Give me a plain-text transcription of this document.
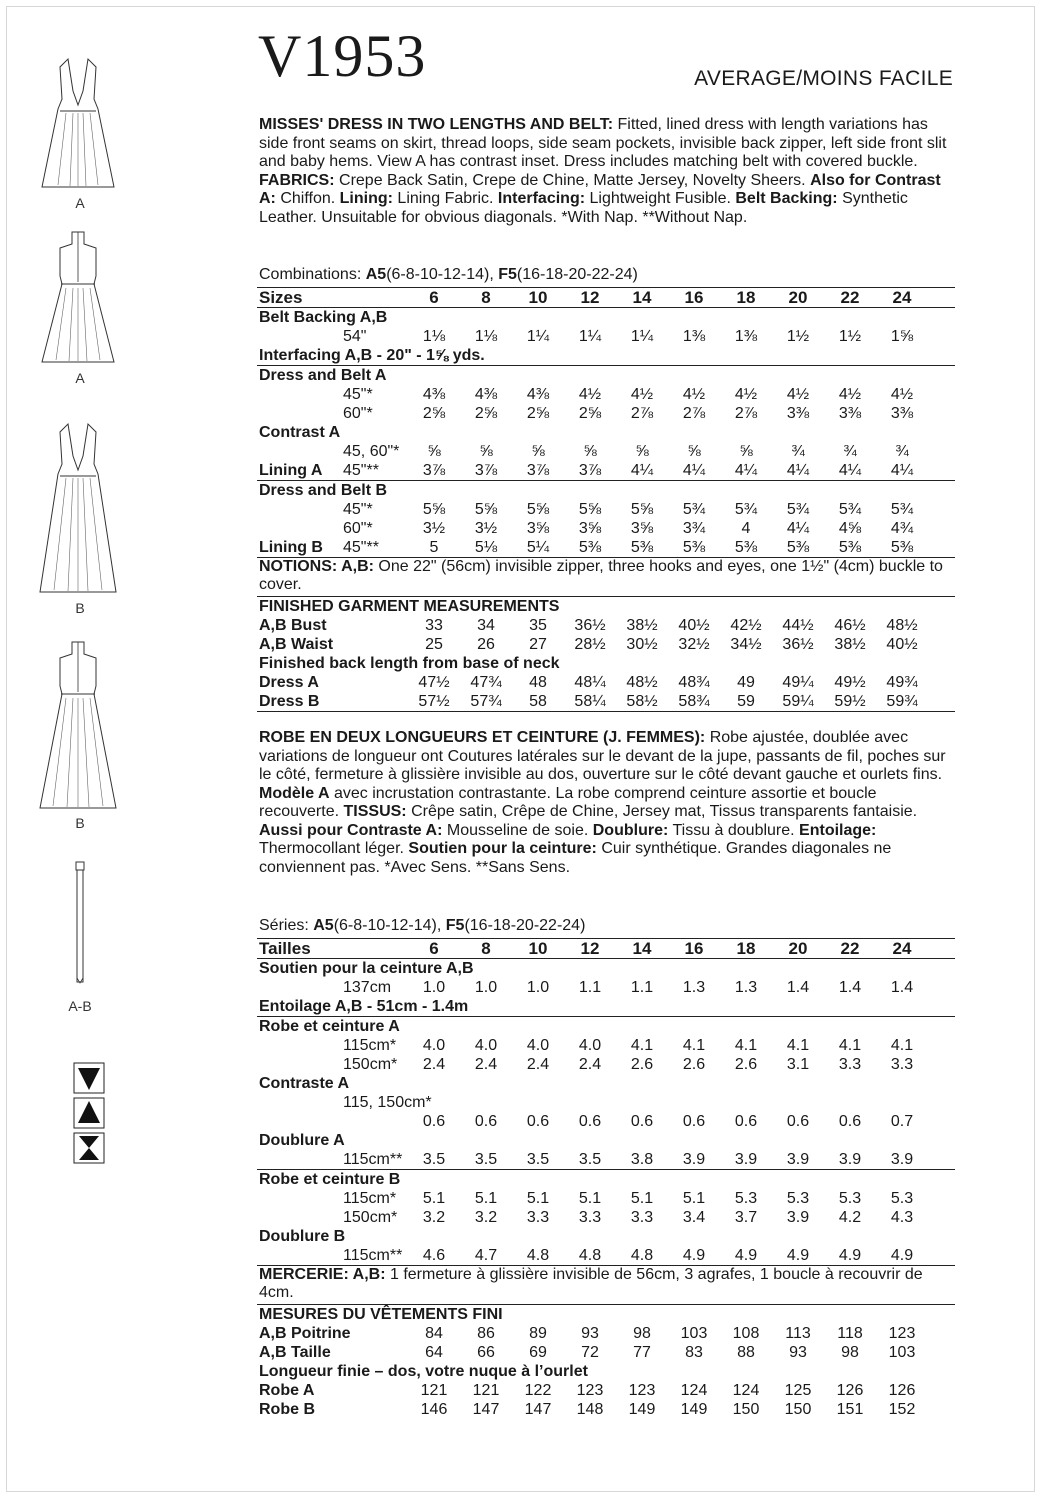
A
A
B
B
A-B
V1953	AVERAGE/MOINS FACILE
MISSES' DRESS IN TWO LENGTHS AND BELT: Fitted, lined dress with length variations has side front seams on skirt, thread loops, side seam pockets, invisible back zipper, left side front slit and baby hems. View A has contrast inset. Dress includes matching belt with covered buckle. FABRICS: Crepe Back Satin, Crepe de Chine, Matte Jersey, Novelty Sheers. Also for Contrast A: Chiffon. Lining: Lining Fabric. Interfacing: Lightweight Fusible. Belt Backing: Synthetic Leather. Unsuitable for obvious diagonals. *With Nap. **Without Nap.
Combinations: A5(6-8-10-12-14), F5(16-18-20-22-24)
Sizes	6	8	10	12	14	16	18	20	22	24
Belt Backing A,B
54"	1⅛	1⅛	1¼	1¼	1¼	1⅜	1⅜	1½	1½	1⅝
Interfacing A,B - 20" - 1⅝ yds.
Dress and Belt A
45"*	4⅜	4⅜	4⅜	4½	4½	4½	4½	4½	4½	4½
60"*	2⅝	2⅝	2⅝	2⅝	2⅞	2⅞	2⅞	3⅜	3⅜	3⅜
Contrast A
45, 60"*	⅝	⅝	⅝	⅝	⅝	⅝	⅝	¾	¾	¾
Lining A 45"**	3⅞	3⅞	3⅞	3⅞	4¼	4¼	4¼	4¼	4¼	4¼
Dress and Belt B
45"*	5⅝	5⅝	5⅝	5⅝	5⅝	5¾	5¾	5¾	5¾	5¾
60"*	3½	3½	3⅝	3⅝	3⅝	3¾	4	4¼	4⅝	4¾
Lining B 45"**	5	5⅛	5¼	5⅜	5⅜	5⅜	5⅜	5⅜	5⅜	5⅜
NOTIONS: A,B: One 22" (56cm) invisible zipper, three hooks and eyes, one 1½" (4cm) buckle to cover.
FINISHED GARMENT MEASUREMENTS
A,B Bust	33	34	35	36½	38½	40½	42½	44½	46½	48½
A,B Waist	25	26	27	28½	30½	32½	34½	36½	38½	40½
Finished back length from base of neck
Dress A	47½	47¾	48	48¼	48½	48¾	49	49¼	49½	49¾
Dress B	57½	57¾	58	58¼	58½	58¾	59	59¼	59½	59¾
ROBE EN DEUX LONGUEURS ET CEINTURE (J. FEMMES): Robe ajustée, doublée avec variations de longueur ont Coutures latérales sur le devant de la jupe, passants de fil, poches sur le côté, fermeture à glissière invisible au dos, ouverture sur le côté devant gauche et ourlets fins. Modèle A avec incrustation contrastante. La robe comprend ceinture assortie et boucle recouverte. TISSUS: Crêpe satin, Crêpe de Chine, Jersey mat, Tissus transparents fantaisie. Aussi pour Contraste A: Mousseline de soie. Doublure: Tissu à doublure. Entoilage: Thermocollant léger. Soutien pour la ceinture: Cuir synthétique. Grandes diagonales ne conviennent pas. *Avec Sens. **Sans Sens.
Séries: A5(6-8-10-12-14), F5(16-18-20-22-24)
Tailles	6	8	10	12	14	16	18	20	22	24
Soutien pour la ceinture A,B
137cm	1.0	1.0	1.0	1.1	1.1	1.3	1.3	1.4	1.4	1.4
Entoilage A,B - 51cm - 1.4m
Robe et ceinture A
115cm*	4.0	4.0	4.0	4.0	4.1	4.1	4.1	4.1	4.1	4.1
150cm*	2.4	2.4	2.4	2.4	2.6	2.6	2.6	3.1	3.3	3.3
Contraste A
115, 150cm*
0.6	0.6	0.6	0.6	0.6	0.6	0.6	0.6	0.6	0.7
Doublure A
115cm**	3.5	3.5	3.5	3.5	3.8	3.9	3.9	3.9	3.9	3.9
Robe et ceinture B
115cm*	5.1	5.1	5.1	5.1	5.1	5.1	5.3	5.3	5.3	5.3
150cm*	3.2	3.2	3.3	3.3	3.3	3.4	3.7	3.9	4.2	4.3
Doublure B
115cm**	4.6	4.7	4.8	4.8	4.8	4.9	4.9	4.9	4.9	4.9
MERCERIE: A,B: 1 fermeture à glissière invisible de 56cm, 3 agrafes, 1 boucle à recouvrir de 4cm.
MESURES DU VÊTEMENTS FINI
A,B Poitrine	84	86	89	93	98	103	108	113	118	123
A,B Taille	64	66	69	72	77	83	88	93	98	103
Longueur finie – dos, votre nuque à l’ourlet
Robe A	121	121	122	123	123	124	124	125	126	126
Robe B	146	147	147	148	149	149	150	150	151	152
